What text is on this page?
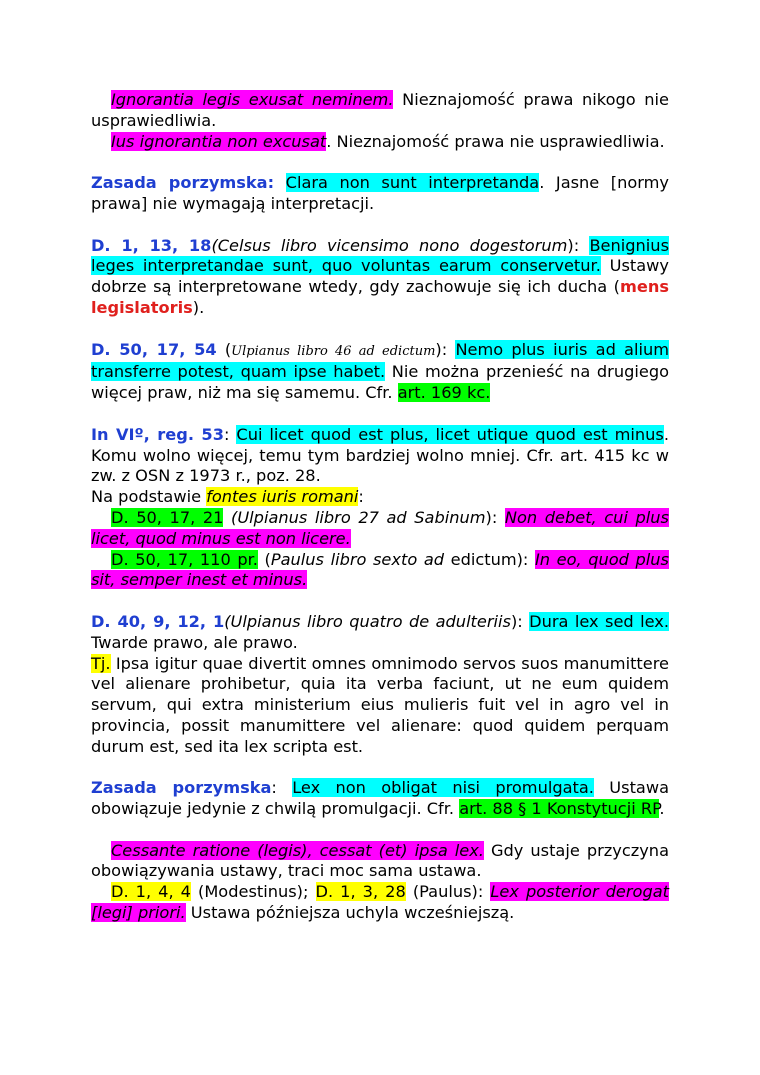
Ignorantia legis exusat neminem. Nieznajomość prawa nikogo nie usprawiedliwia.
Ius ignorantia non excusat. Nieznajomość prawa nie usprawiedliwia.

Zasada porzymska: Clara non sunt interpretanda. Jasne [normy prawa] nie wymagają interpretacji.

D. 1, 13, 18(Celsus libro vicensimo nono dogestorum): Benignius leges interpretandae sunt, quo voluntas earum conservetur. Ustawy dobrze są interpretowane wtedy, gdy zachowuje się ich ducha (mens legislatoris).

D. 50, 17, 54 (Ulpianus libro 46 ad edictum): Nemo plus iuris ad alium transferre potest, quam ipse habet. Nie można przenieść na drugiego więcej praw, niż ma się samemu. Cfr. art. 169 kc.

In VIº, reg. 53: Cui licet quod est plus, licet utique quod est minus. Komu wolno więcej, temu tym bardziej wolno mniej. Cfr. art. 415 kc w zw. z OSN z 1973 r., poz. 28.
Na podstawie fontes iuris romani:
D. 50, 17, 21 (Ulpianus libro 27 ad Sabinum): Non debet, cui plus licet, quod minus est non licere.
D. 50, 17, 110 pr. (Paulus libro sexto ad edictum): In eo, quod plus sit, semper inest et minus.

D. 40, 9, 12, 1(Ulpianus libro quatro de adulteriis): Dura lex sed lex. Twarde prawo, ale prawo.
Tj. Ipsa igitur quae divertit omnes omnimodo servos suos manumittere vel alienare prohibetur, quia ita verba faciunt, ut ne eum quidem servum, qui extra ministerium eius mulieris fuit vel in agro vel in provincia, possit manumittere vel alienare: quod quidem perquam durum est, sed ita lex scripta est.

Zasada porzymska: Lex non obligat nisi promulgata. Ustawa obowiązuje jedynie z chwilą promulgacji. Cfr. art. 88 § 1 Konstytucji RP.

Cessante ratione (legis), cessat (et) ipsa lex. Gdy ustaje przyczyna obowiązywania ustawy, traci moc sama ustawa.
D. 1, 4, 4 (Modestinus); D. 1, 3, 28 (Paulus): Lex posterior derogat [legi] priori. Ustawa późniejsza uchyla wcześniejszą.
